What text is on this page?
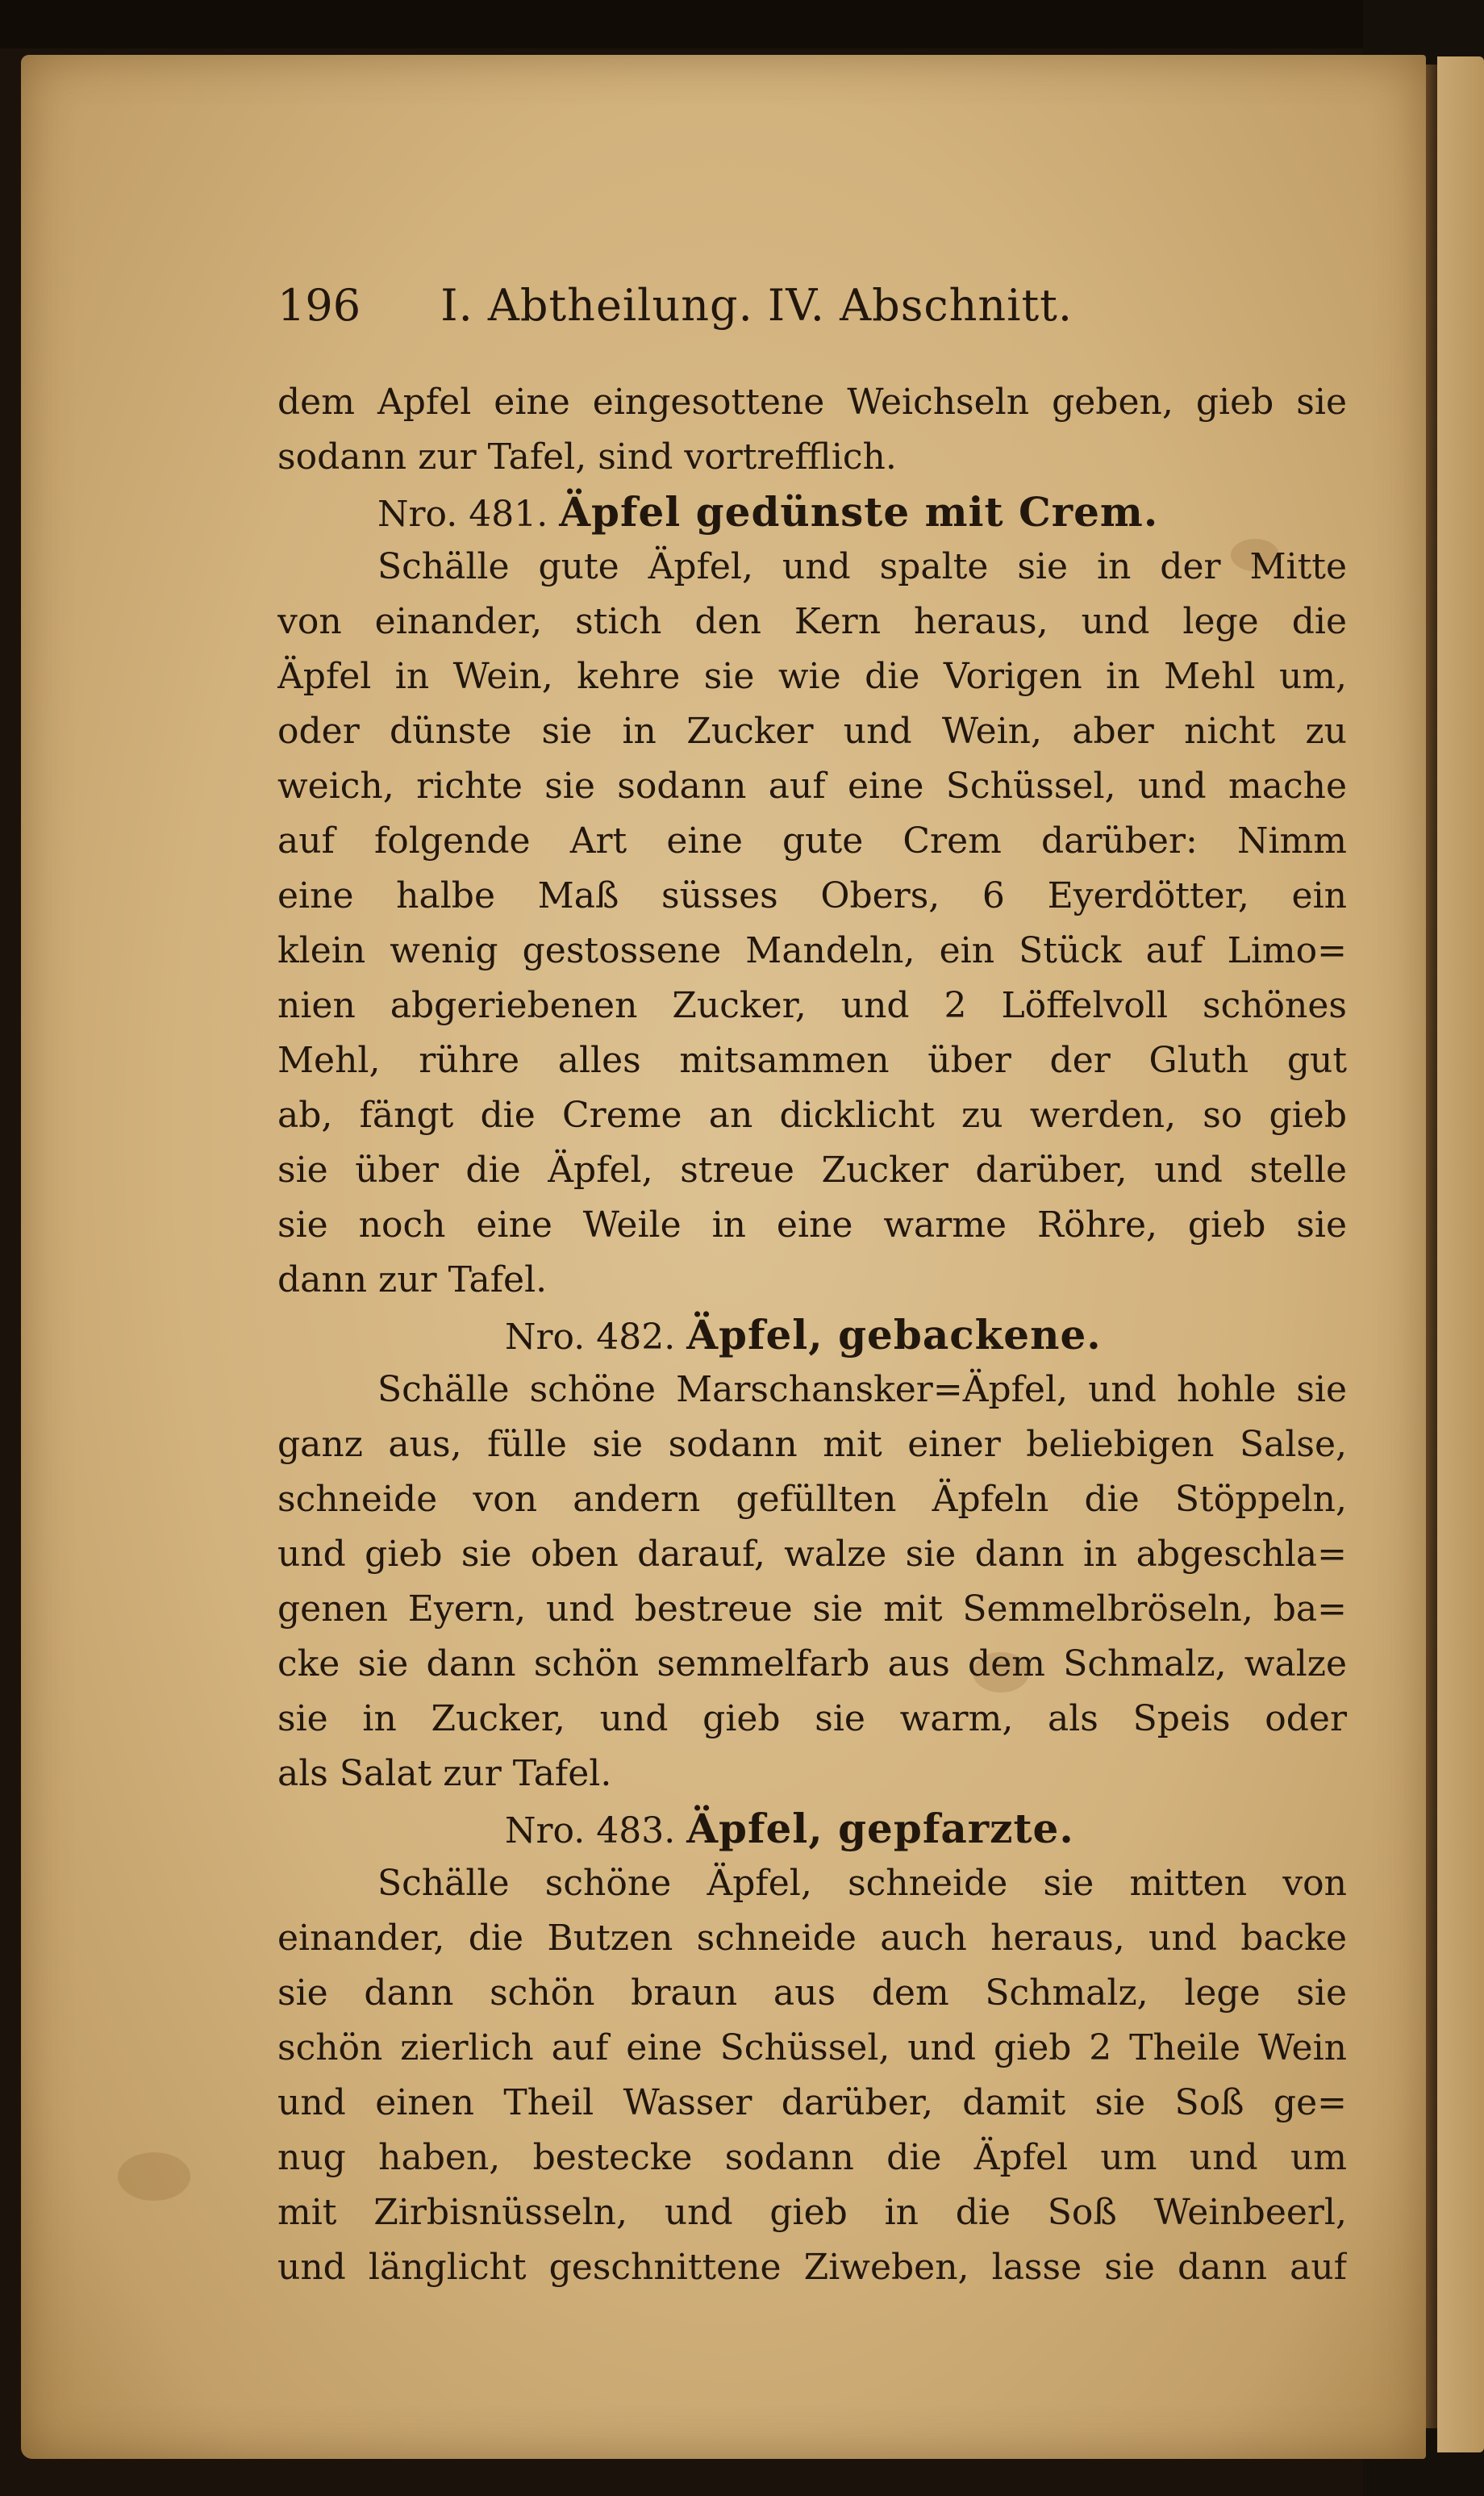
196 I. Abtheilung. IV. Abschnitt.
dem Apfel eine eingesottene Weichseln geben, gieb sie
sodann zur Tafel, sind vortrefflich.
Nro. 481. Äpfel gedünste mit Crem.
Schälle gute Äpfel, und spalte sie in der Mitte
von einander, stich den Kern heraus, und lege die
Äpfel in Wein, kehre sie wie die Vorigen in Mehl um,
oder dünste sie in Zucker und Wein, aber nicht zu
weich, richte sie sodann auf eine Schüssel, und mache
auf folgende Art eine gute Crem darüber: Nimm
eine halbe Maß süsses Obers, 6 Eyerdötter, ein
klein wenig gestossene Mandeln, ein Stück auf Limo=
nien abgeriebenen Zucker, und 2 Löffelvoll schönes
Mehl, rühre alles mitsammen über der Gluth gut
ab, fängt die Creme an dicklicht zu werden, so gieb
sie über die Äpfel, streue Zucker darüber, und stelle
sie noch eine Weile in eine warme Röhre, gieb sie
dann zur Tafel.
Nro. 482. Äpfel, gebackene.
Schälle schöne Marschansker=Äpfel, und hohle sie
ganz aus, fülle sie sodann mit einer beliebigen Salse,
schneide von andern gefüllten Äpfeln die Stöppeln,
und gieb sie oben darauf, walze sie dann in abgeschla=
genen Eyern, und bestreue sie mit Semmelbröseln, ba=
cke sie dann schön semmelfarb aus dem Schmalz, walze
sie in Zucker, und gieb sie warm, als Speis oder
als Salat zur Tafel.
Nro. 483. Äpfel, gepfarzte.
Schälle schöne Äpfel, schneide sie mitten von
einander, die Butzen schneide auch heraus, und backe
sie dann schön braun aus dem Schmalz, lege sie
schön zierlich auf eine Schüssel, und gieb 2 Theile Wein
und einen Theil Wasser darüber, damit sie Soß ge=
nug haben, bestecke sodann die Äpfel um und um
mit Zirbisnüsseln, und gieb in die Soß Weinbeerl,
und länglicht geschnittene Ziweben, lasse sie dann auf
